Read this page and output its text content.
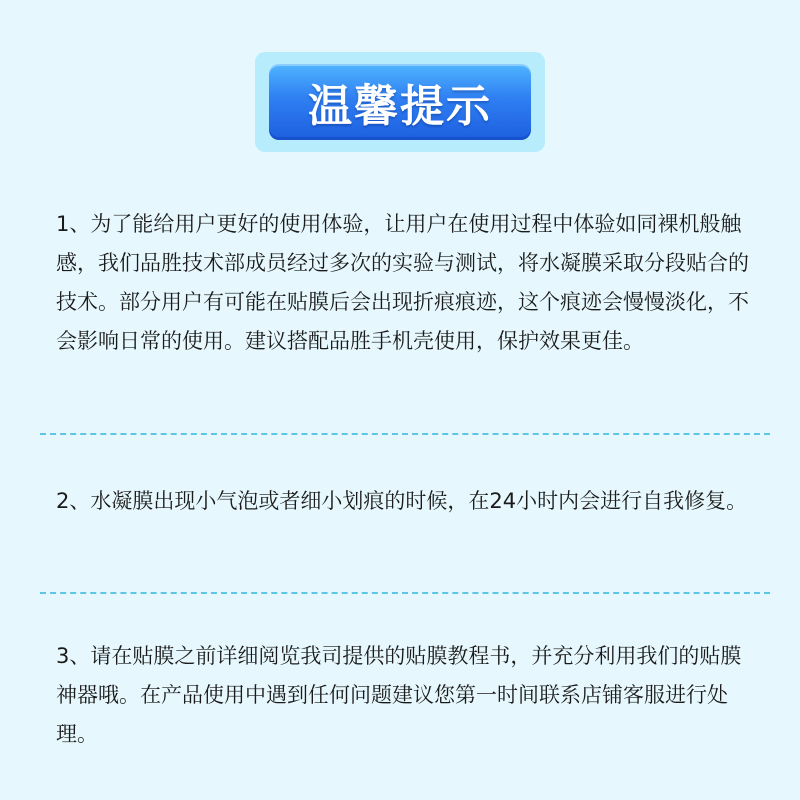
温馨提示

1、为了能给用户更好的使用体验，让用户在使用过程中体验如同裸机般触感，我们品胜技术部成员经过多次的实验与测试，将水凝膜采取分段贴合的技术。部分用户有可能在贴膜后会出现折痕痕迹，这个痕迹会慢慢淡化，不会影响日常的使用。建议搭配品胜手机壳使用，保护效果更佳。

2、水凝膜出现小气泡或者细小划痕的时候，在24小时内会进行自我修复。

3、请在贴膜之前详细阅览我司提供的贴膜教程书，并充分利用我们的贴膜神器哦。在产品使用中遇到任何问题建议您第一时间联系店铺客服进行处理。
